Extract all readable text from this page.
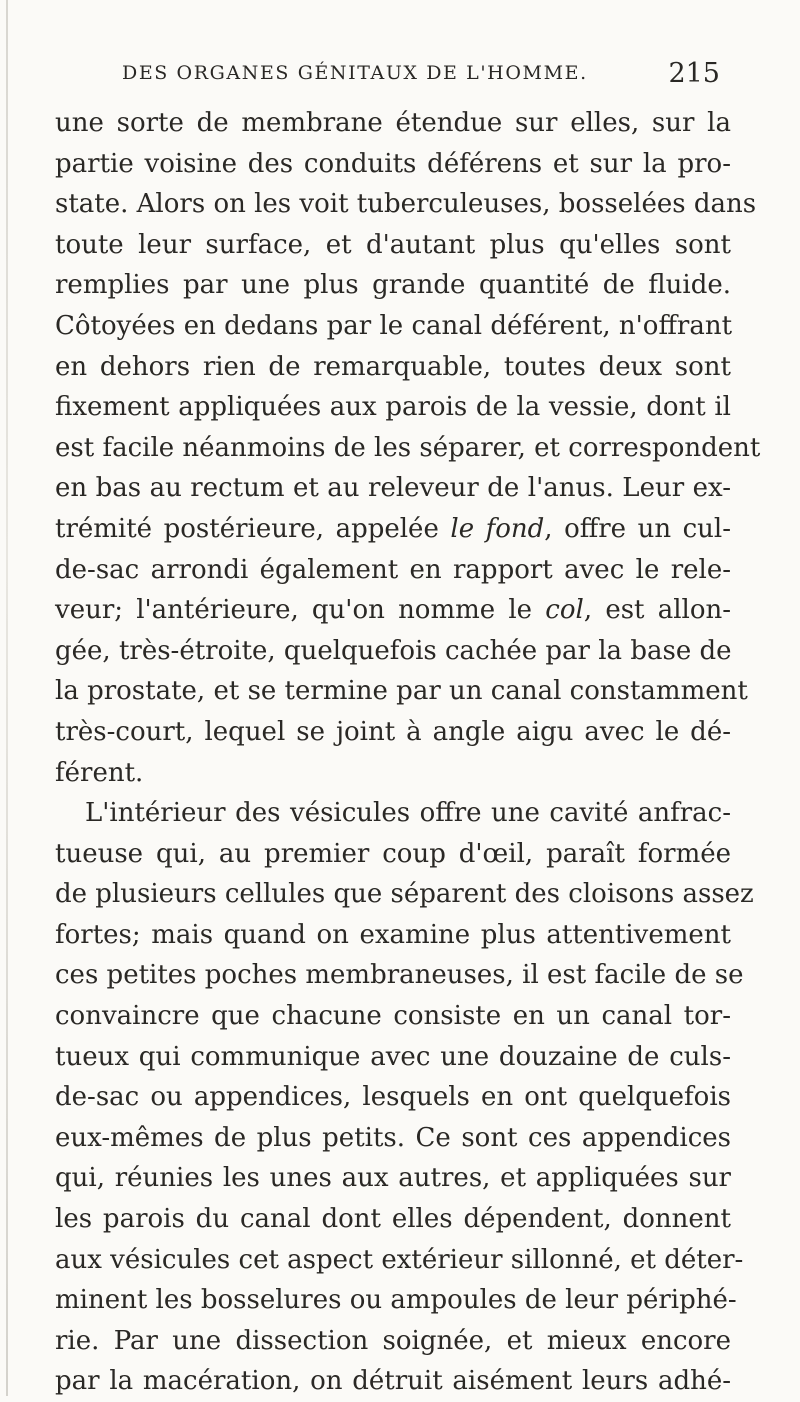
DES ORGANES GÉNITAUX DE L'HOMME.	215
une sorte de membrane étendue sur elles, sur la
partie voisine des conduits déférens et sur la pro-
state. Alors on les voit tuberculeuses, bosselées dans
toute leur surface, et d'autant plus qu'elles sont
remplies par une plus grande quantité de fluide.
Côtoyées en dedans par le canal déférent, n'offrant
en dehors rien de remarquable, toutes deux sont
fixement appliquées aux parois de la vessie, dont il
est facile néanmoins de les séparer, et correspondent
en bas au rectum et au releveur de l'anus. Leur ex-
trémité postérieure, appelée le fond, offre un cul-
de-sac arrondi également en rapport avec le rele-
veur; l'antérieure, qu'on nomme le col, est allon-
gée, très-étroite, quelquefois cachée par la base de
la prostate, et se termine par un canal constamment
très-court, lequel se joint à angle aigu avec le dé-
férent.
L'intérieur des vésicules offre une cavité anfrac-
tueuse qui, au premier coup d'œil, paraît formée
de plusieurs cellules que séparent des cloisons assez
fortes; mais quand on examine plus attentivement
ces petites poches membraneuses, il est facile de se
convaincre que chacune consiste en un canal tor-
tueux qui communique avec une douzaine de culs-
de-sac ou appendices, lesquels en ont quelquefois
eux-mêmes de plus petits. Ce sont ces appendices
qui, réunies les unes aux autres, et appliquées sur
les parois du canal dont elles dépendent, donnent
aux vésicules cet aspect extérieur sillonné, et déter-
minent les bosselures ou ampoules de leur périphé-
rie. Par une dissection soignée, et mieux encore
par la macération, on détruit aisément leurs adhé-
